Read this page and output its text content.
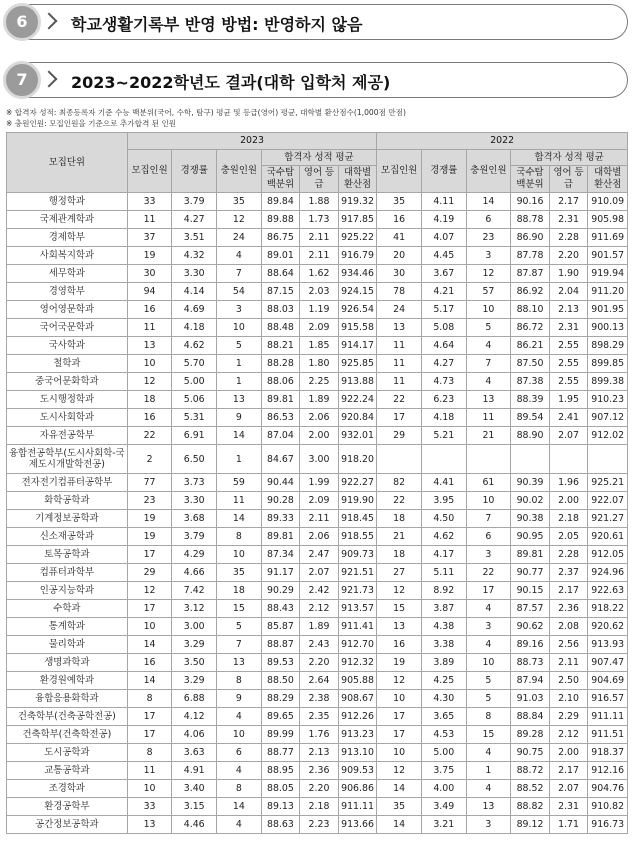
6	학교생활기록부 반영 방법: 반영하지 않음
7	2023~2022학년도 결과(대학 입학처 제공)
※ 합격자 성적: 최종등록자 기준 수능 백분위(국어, 수학, 탐구) 평균 및 등급(영어) 평균, 대학별 환산점수(1,000점 만점)
※ 충원인원: 모집인원을 기준으로 추가합격 된 인원
모집단위	2023						2022					
	모집인원	경쟁률	충원인원	합격자 성적 평균			모집인원	경쟁률	충원인원	합격자 성적 평균		
				국수탐 백분위	영어 등급	대학별 환산점				국수탐 백분위	영어 등급	대학별 환산점
행정학과	33	3.79	35	89.84	1.88	919.32	35	4.11	14	90.16	2.17	910.09
국제관계학과	11	4.27	12	89.88	1.73	917.85	16	4.19	6	88.78	2.31	905.98
경제학부	37	3.51	24	86.75	2.11	925.22	41	4.07	23	86.90	2.28	911.69
사회복지학과	19	4.32	4	89.01	2.11	916.79	20	4.45	3	87.78	2.20	901.57
세무학과	30	3.30	7	88.64	1.62	934.46	30	3.67	12	87.87	1.90	919.94
경영학부	94	4.14	54	87.15	2.03	924.15	78	4.21	57	86.92	2.04	911.20
영어영문학과	16	4.69	3	88.03	1.19	926.54	24	5.17	10	88.10	2.13	901.95
국어국문학과	11	4.18	10	88.48	2.09	915.58	13	5.08	5	86.72	2.31	900.13
국사학과	13	4.62	5	88.21	1.85	914.17	11	4.64	4	86.21	2.55	898.29
철학과	10	5.70	1	88.28	1.80	925.85	11	4.27	7	87.50	2.55	899.85
중국어문화학과	12	5.00	1	88.06	2.25	913.88	11	4.73	4	87.38	2.55	899.38
도시행정학과	18	5.06	13	89.81	1.89	922.24	22	6.23	13	88.39	1.95	910.23
도시사회학과	16	5.31	9	86.53	2.06	920.84	17	4.18	11	89.54	2.41	907.12
자유전공학부	22	6.91	14	87.04	2.00	932.01	29	5.21	21	88.90	2.07	912.02
융합전공학부(도시사회학-국제도시개발학전공)	2	6.50	1	84.67	3.00	918.20						
전자전기컴퓨터공학부	77	3.73	59	90.44	1.99	922.27	82	4.41	61	90.39	1.96	925.21
화학공학과	23	3.30	11	90.28	2.09	919.90	22	3.95	10	90.02	2.00	922.07
기계정보공학과	19	3.68	14	89.33	2.11	918.45	18	4.50	7	90.38	2.18	921.27
신소재공학과	19	3.79	8	89.81	2.06	918.55	21	4.62	6	90.95	2.05	920.61
토목공학과	17	4.29	10	87.34	2.47	909.73	18	4.17	3	89.81	2.28	912.05
컴퓨터과학부	29	4.66	35	91.17	2.07	921.51	27	5.11	22	90.77	2.37	924.96
인공지능학과	12	7.42	18	90.29	2.42	921.73	12	8.92	17	90.15	2.17	922.63
수학과	17	3.12	15	88.43	2.12	913.57	15	3.87	4	87.57	2.36	918.22
통계학과	10	3.00	5	85.87	1.89	911.41	13	4.38	3	90.62	2.08	920.62
물리학과	14	3.29	7	88.87	2.43	912.70	16	3.38	4	89.16	2.56	913.93
생명과학과	16	3.50	13	89.53	2.20	912.32	19	3.89	10	88.73	2.11	907.47
환경원예학과	14	3.29	8	88.50	2.64	905.88	12	4.25	5	87.94	2.50	904.69
융합응용화학과	8	6.88	9	88.29	2.38	908.67	10	4.30	5	91.03	2.10	916.57
건축학부(건축공학전공)	17	4.12	4	89.65	2.35	912.26	17	3.65	8	88.84	2.29	911.11
건축학부(건축학전공)	17	4.06	10	89.99	1.76	913.23	17	4.53	15	89.28	2.12	911.51
도시공학과	8	3.63	6	88.77	2.13	913.10	10	5.00	4	90.75	2.00	918.37
교통공학과	11	4.91	4	88.95	2.36	909.53	12	3.75	1	88.72	2.17	912.16
조경학과	10	3.40	8	88.05	2.20	906.86	14	4.00	4	88.52	2.07	904.76
환경공학부	33	3.15	14	89.13	2.18	911.11	35	3.49	13	88.82	2.31	910.82
공간정보공학과	13	4.46	4	88.63	2.23	913.66	14	3.21	3	89.12	1.71	916.73
